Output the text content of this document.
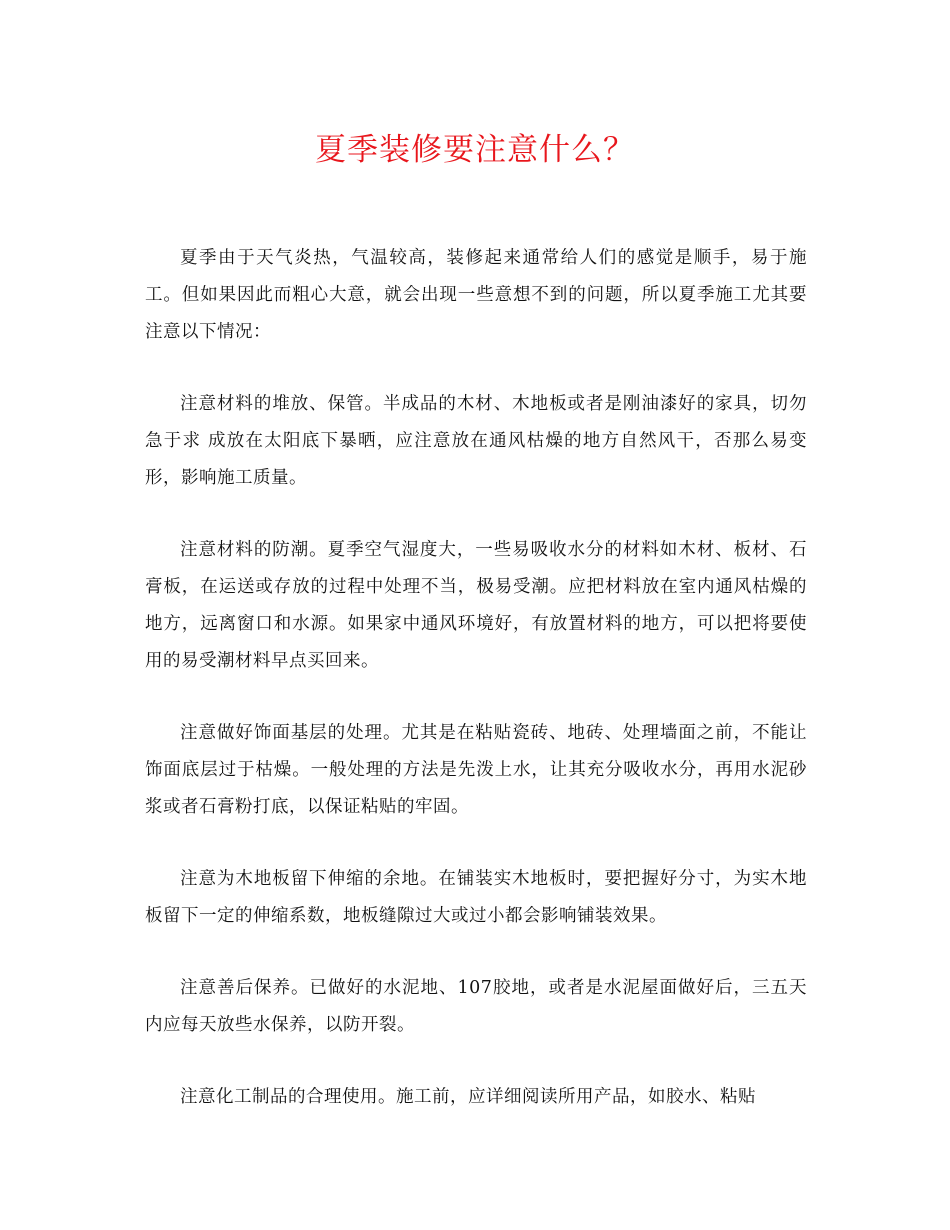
夏季装修要注意什么？

夏季由于天气炎热，气温较高，装修起来通常给人们的感觉是顺手，易于施工。但如果因此而粗心大意，就会出现一些意想不到的问题，所以夏季施工尤其要注意以下情况：

注意材料的堆放、保管。半成品的木材、木地板或者是刚油漆好的家具，切勿急于求 成放在太阳底下暴晒，应注意放在通风枯燥的地方自然风干，否那么易变形，影响施工质量。

注意材料的防潮。夏季空气湿度大，一些易吸收水分的材料如木材、板材、石膏板，在运送或存放的过程中处理不当，极易受潮。应把材料放在室内通风枯燥的地方，远离窗口和水源。如果家中通风环境好，有放置材料的地方，可以把将要使用的易受潮材料早点买回来。

注意做好饰面基层的处理。尤其是在粘贴瓷砖、地砖、处理墙面之前，不能让饰面底层过于枯燥。一般处理的方法是先泼上水，让其充分吸收水分，再用水泥砂浆或者石膏粉打底，以保证粘贴的牢固。

注意为木地板留下伸缩的余地。在铺装实木地板时，要把握好分寸，为实木地板留下一定的伸缩系数，地板缝隙过大或过小都会影响铺装效果。

注意善后保养。已做好的水泥地、107胶地，或者是水泥屋面做好后，三五天内应每天放些水保养，以防开裂。

注意化工制品的合理使用。施工前，应详细阅读所用产品，如胶水、粘贴
